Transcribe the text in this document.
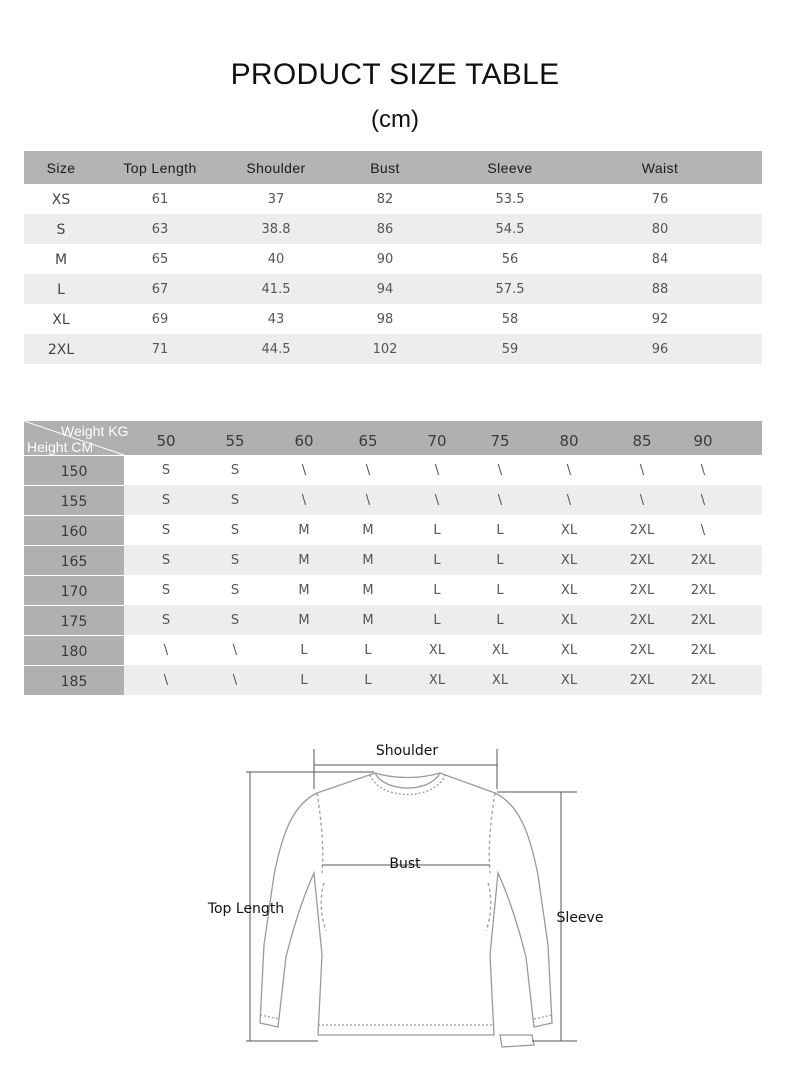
PRODUCT SIZE TABLE
(cm)
Size	Top Length	Shoulder	Bust	Sleeve	Waist
XS	61	37	82	53.5	76
S	63	38.8	86	54.5	80
M	65	40	90	56	84
L	67	41.5	94	57.5	88
XL	69	43	98	58	92
2XL	71	44.5	102	59	96
Weight KG
Height CM	50	55	60	65	70	75	80	85	90
150	S	S	\	\	\	\	\	\	\
155	S	S	\	\	\	\	\	\	\
160	S	S	M	M	L	L	XL	2XL	\
165	S	S	M	M	L	L	XL	2XL	2XL
170	S	S	M	M	L	L	XL	2XL	2XL
175	S	S	M	M	L	L	XL	2XL	2XL
180	\	\	L	L	XL	XL	XL	2XL	2XL
185	\	\	L	L	XL	XL	XL	2XL	2XL
Shoulder
Bust
Top Length
Sleeve
